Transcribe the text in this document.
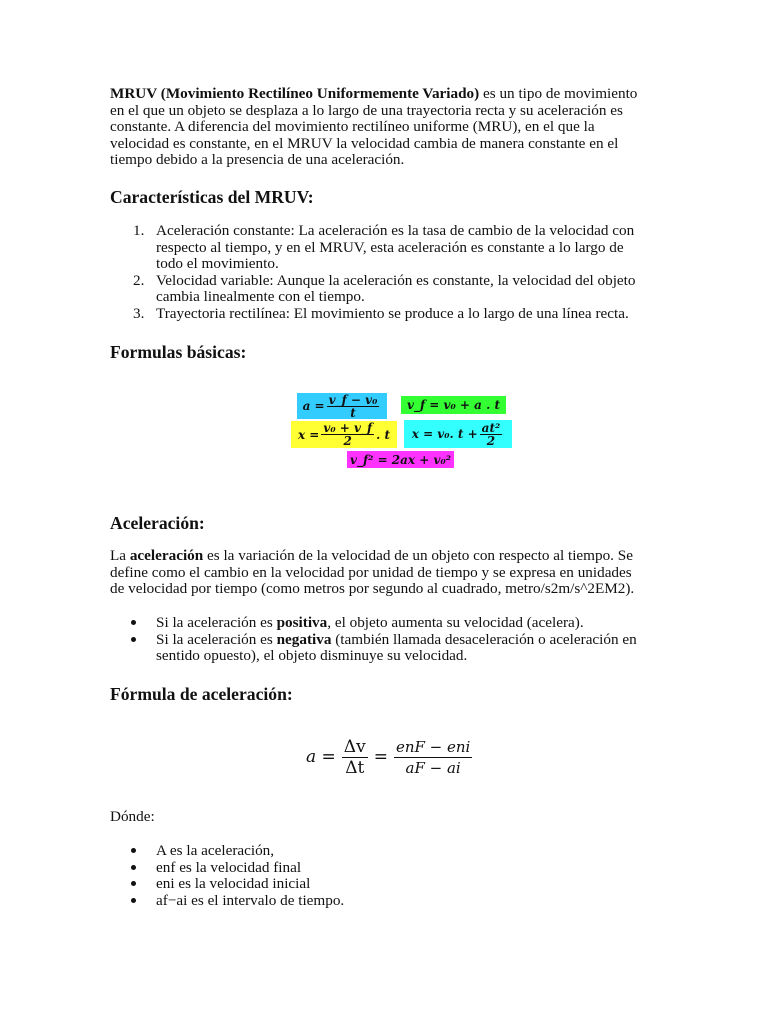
MRUV (Movimiento Rectilíneo Uniformemente Variado) es un tipo de movimiento
en el que un objeto se desplaza a lo largo de una trayectoria recta y su aceleración es
constante. A diferencia del movimiento rectilíneo uniforme (MRU), en el que la
velocidad es constante, en el MRUV la velocidad cambia de manera constante en el
tiempo debido a la presencia de una aceleración.
Características del MRUV:
1. Aceleración constante: La aceleración es la tasa de cambio de la velocidad con
respecto al tiempo, y en el MRUV, esta aceleración es constante a lo largo de
todo el movimiento.
2. Velocidad variable: Aunque la aceleración es constante, la velocidad del objeto
cambia linealmente con el tiempo.
3. Trayectoria rectilínea: El movimiento se produce a lo largo de una línea recta.
Formulas básicas:
$a = \frac{\text{v\_f − v₀}}{t}$ v_f = v₀ + a . t
$x = \frac{\text{v₀ + v\_f}}{2}$ . t x = v₀. $t + \frac{\text{at²}}{2}$
v_f² = 2ax + v₀²
Aceleración:
La aceleración es la variación de la velocidad de un objeto con respecto al tiempo. Se
define como el cambio en la velocidad por unidad de tiempo y se expresa en unidades
de velocidad por tiempo (como metros por segundo al cuadrado, metro/s2m/s^2EM2).
Si la aceleración es positiva, el objeto aumenta su velocidad (acelera).
Si la aceleración es negativa (también llamada desaceleración o aceleración en
sentido opuesto), el objeto disminuye su velocidad.
Fórmula de aceleración:
$a = \frac{\Delta v}{\Delta t} = \frac{\text{enF − eni}}{aF - ai}$
Dónde:
A es la aceleración,
enf es la velocidad final
eni es la velocidad inicial
af−ai es el intervalo de tiempo.
